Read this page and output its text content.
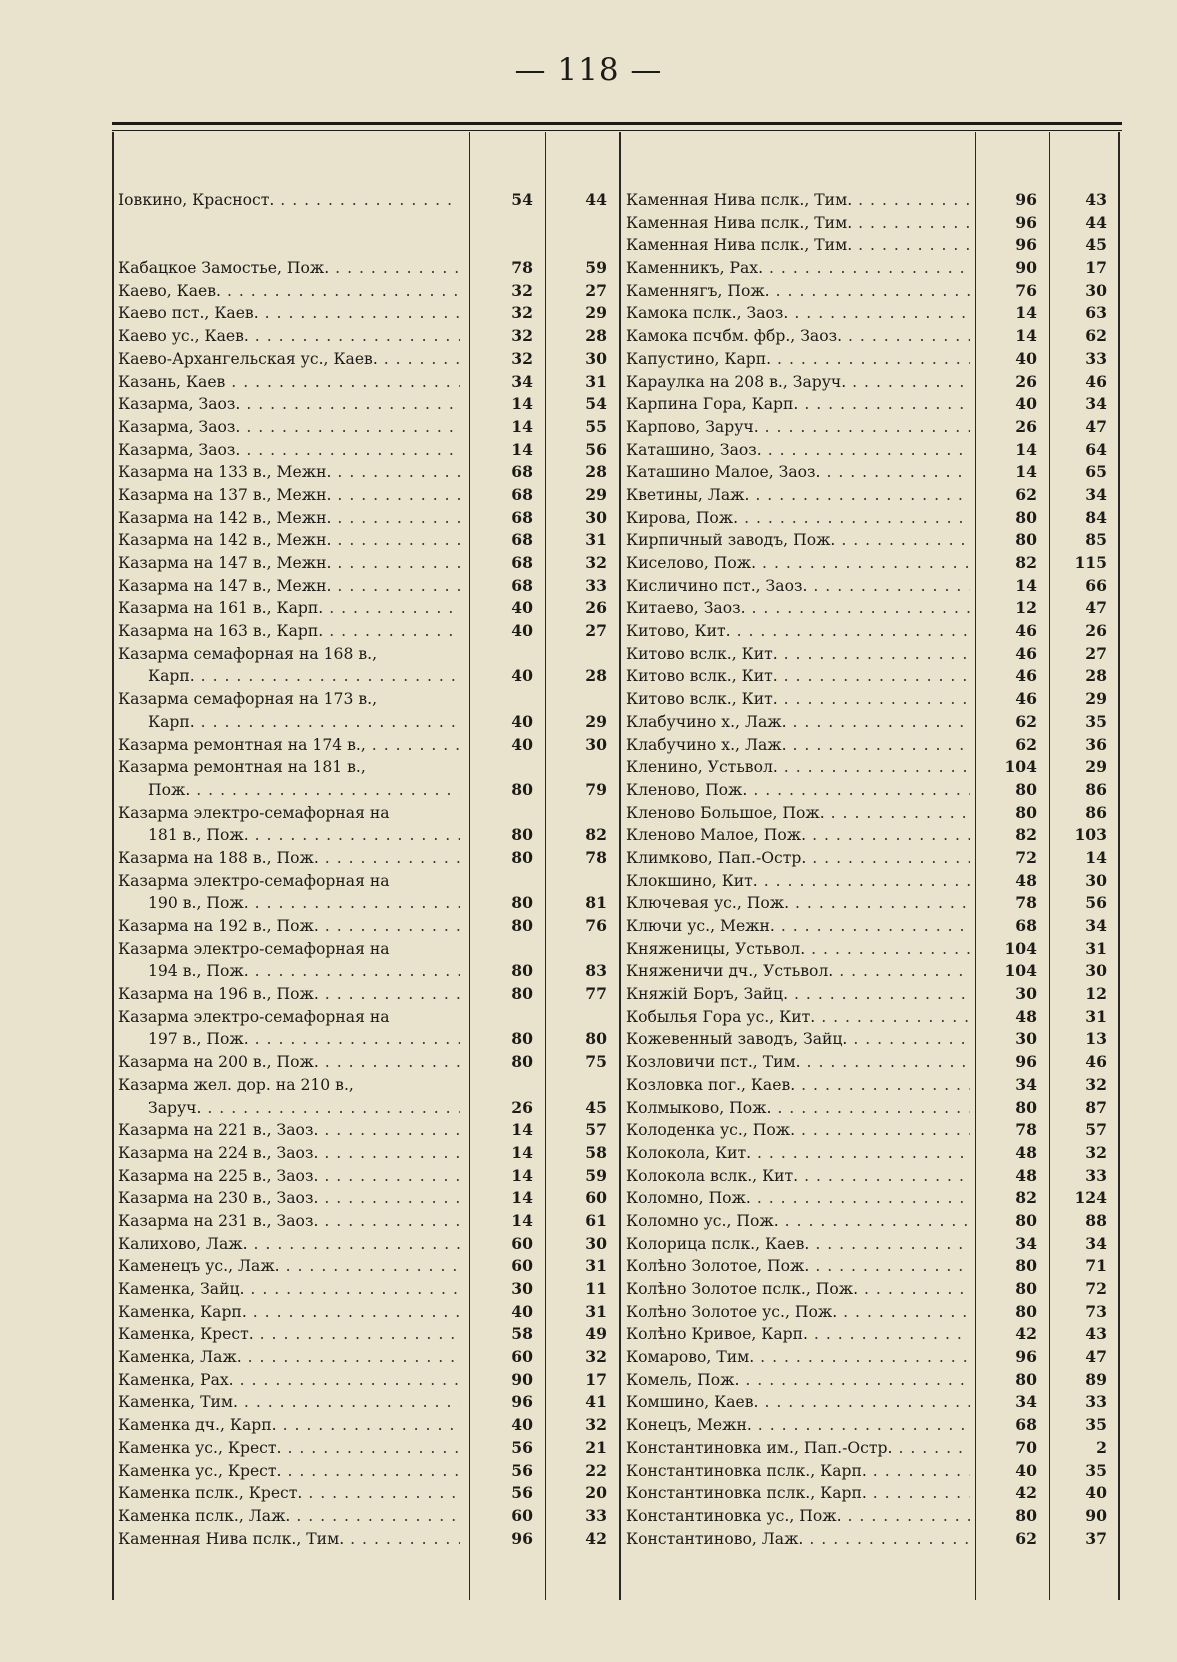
— 118 —
Iовкино, Красност. . . .
Кабацкое Замостье, Пож. . . .
Каево, Каев. . . .
Каево пст., Каев. . . .
Каево ус., Каев. . . .
Каево-Архангельская ус., Каев. . . .
Казань, Каев . . .
Казарма, Заоз. . . .
Казарма, Заоз. . . .
Казарма, Заоз. . . .
Казарма на 133 в., Межн. . . .
Казарма на 137 в., Межн. . . .
Казарма на 142 в., Межн. . . .
Казарма на 142 в., Межн. . . .
Казарма на 147 в., Межн. . . .
Казарма на 147 в., Межн. . . .
Казарма на 161 в., Карп. . . .
Казарма на 163 в., Карп. . . .
Казарма семафорная на 168 в.,
Карп. . . .
Казарма семафорная на 173 в.,
Карп. . . .
Казарма ремонтная на 174 в., . . .
Казарма ремонтная на 181 в.,
Пож. . . .
Казарма электро-семафорная на
181 в., Пож. . . .
Казарма на 188 в., Пож. . . .
Казарма электро-семафорная на
190 в., Пож. . . .
Казарма на 192 в., Пож. . . .
Казарма электро-семафорная на
194 в., Пож. . . .
Казарма на 196 в., Пож. . . .
Казарма электро-семафорная на
197 в., Пож. . . .
Казарма на 200 в., Пож. . . .
Казарма жел. дор. на 210 в.,
Заруч. . . .
Казарма на 221 в., Заоз. . . .
Казарма на 224 в., Заоз. . . .
Казарма на 225 в., Заоз. . . .
Казарма на 230 в., Заоз. . . .
Казарма на 231 в., Заоз. . . .
Калихово, Лаж. . . .
Каменецъ ус., Лаж. . . .
Каменка, Зайц. . . .
Каменка, Карп. . . .
Каменка, Крест. . . .
Каменка, Лаж. . . .
Каменка, Рах. . . .
Каменка, Тим. . . .
Каменка дч., Карп. . . .
Каменка ус., Крест. . . .
Каменка ус., Крест. . . .
Каменка пслк., Крест. . . .
Каменка пслк., Лаж. . . .
Каменная Нива пслк., Тим. . . .
54
78
32
32
32
32
34
14
14
14
68
68
68
68
68
68
40
40
40
40
40
80
80
80
80
80
80
80
80
80
26
14
14
14
14
14
60
60
30
40
58
60
90
96
40
56
56
56
60
96
44
59
27
29
28
30
31
54
55
56
28
29
30
31
32
33
26
27
28
29
30
79
82
78
81
76
83
77
80
75
45
57
58
59
60
61
30
31
11
31
49
32
17
41
32
21
22
20
33
42
Каменная Нива пслк., Тим. . . .
Каменная Нива пслк., Тим. . . .
Каменная Нива пслк., Тим. . . .
Каменникъ, Рах. . . .
Каменнягъ, Пож. . . .
Камока пслк., Заоз. . . .
Камока псчбм. фбр., Заоз. . . .
Капустино, Карп. . . .
Караулка на 208 в., Заруч. . . .
Карпина Гора, Карп. . . .
Карпово, Заруч. . . .
Каташино, Заоз. . . .
Каташино Малое, Заоз. . . .
Кветины, Лаж. . . .
Кирова, Пож. . . .
Кирпичный заводъ, Пож. . . .
Киселово, Пож. . . .
Кисличино пст., Заоз. . . .
Китаево, Заоз. . . .
Китово, Кит. . . .
Китово вслк., Кит. . . .
Китово вслк., Кит. . . .
Китово вслк., Кит. . . .
Клабучино х., Лаж. . . .
Клабучино х., Лаж. . . .
Кленино, Устьвол. . . .
Кленово, Пож. . . .
Кленово Большое, Пож. . . .
Кленово Малое, Пож. . . .
Климково, Пап.-Остр. . . .
Клокшино, Кит. . . .
Ключевая ус., Пож. . . .
Ключи ус., Межн. . . .
Княженицы, Устьвол. . . .
Княженичи дч., Устьвол. . . .
Княжiй Боръ, Зайц. . . .
Кобылья Гора ус., Кит. . . .
Кожевенный заводъ, Зайц. . . .
Козловичи пст., Тим. . . .
Козловка пог., Каев. . . .
Колмыково, Пож. . . .
Колоденка ус., Пож. . . .
Колокола, Кит. . . .
Колокола вслк., Кит. . . .
Коломно, Пож. . . .
Коломно ус., Пож. . . .
Колорица пслк., Каев. . . .
Колѣно Золотое, Пож. . . .
Колѣно Золотое пслк., Пож. . . .
Колѣно Золотое ус., Пож. . . .
Колѣно Кривое, Карп. . . .
Комарово, Тим. . . .
Комель, Пож. . . .
Комшино, Каев. . . .
Конецъ, Межн. . . .
Константиновка им., Пап.-Остр. . . .
Константиновка пслк., Карп. . . .
Константиновка пслк., Карп. . . .
Константиновка ус., Пож. . . .
Константиново, Лаж. . . .
96
96
96
90
76
14
14
40
26
40
26
14
14
62
80
80
82
14
12
46
46
46
46
62
62
104
80
80
82
72
48
78
68
104
104
30
48
30
96
34
80
78
48
48
82
80
34
80
80
80
42
96
80
34
68
70
40
42
80
62
43
44
45
17
30
63
62
33
46
34
47
64
65
34
84
85
115
66
47
26
27
28
29
35
36
29
86
86
103
14
30
56
34
31
30
12
31
13
46
32
87
57
32
33
124
88
34
71
72
73
43
47
89
33
35
2
35
40
90
37
